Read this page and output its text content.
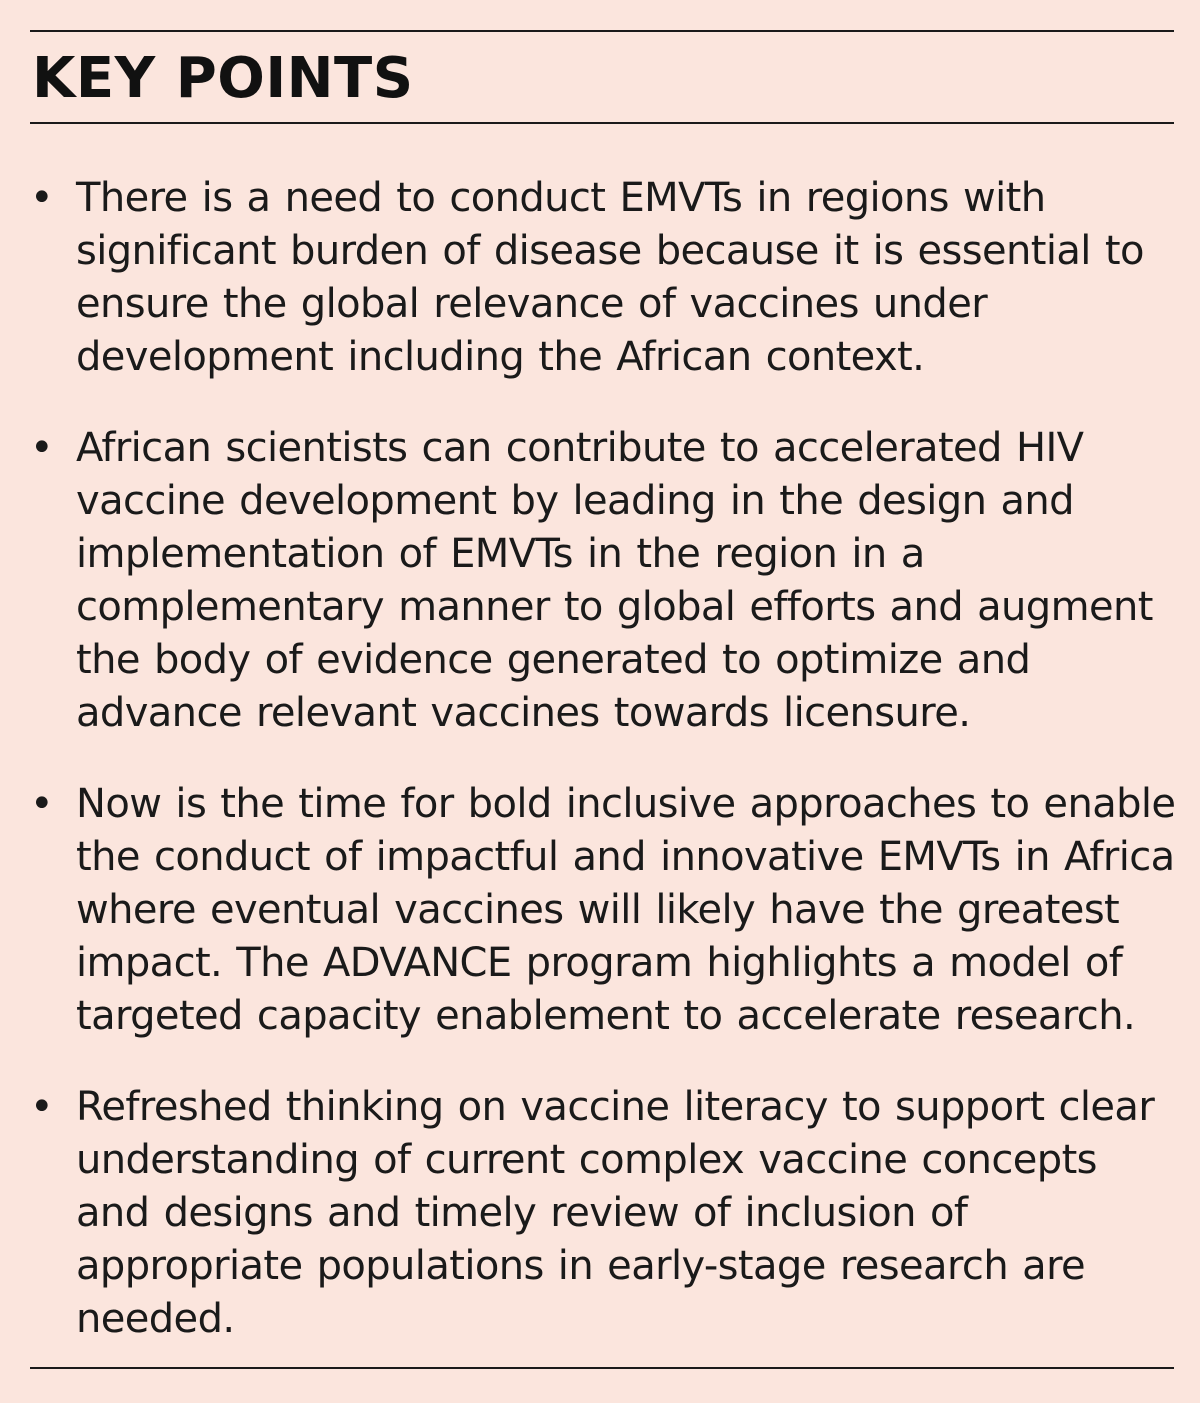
KEY POINTS
• There is a need to conduct EMVTs in regions with significant burden of disease because it is essential to ensure the global relevance of vaccines under development including the African context.
• African scientists can contribute to accelerated HIV vaccine development by leading in the design and implementation of EMVTs in the region in a complementary manner to global efforts and augment the body of evidence generated to optimize and advance relevant vaccines towards licensure.
• Now is the time for bold inclusive approaches to enable the conduct of impactful and innovative EMVTs in Africa where eventual vaccines will likely have the greatest impact. The ADVANCE program highlights a model of targeted capacity enablement to accelerate research.
• Refreshed thinking on vaccine literacy to support clear understanding of current complex vaccine concepts and designs and timely review of inclusion of appropriate populations in early-stage research are needed.
